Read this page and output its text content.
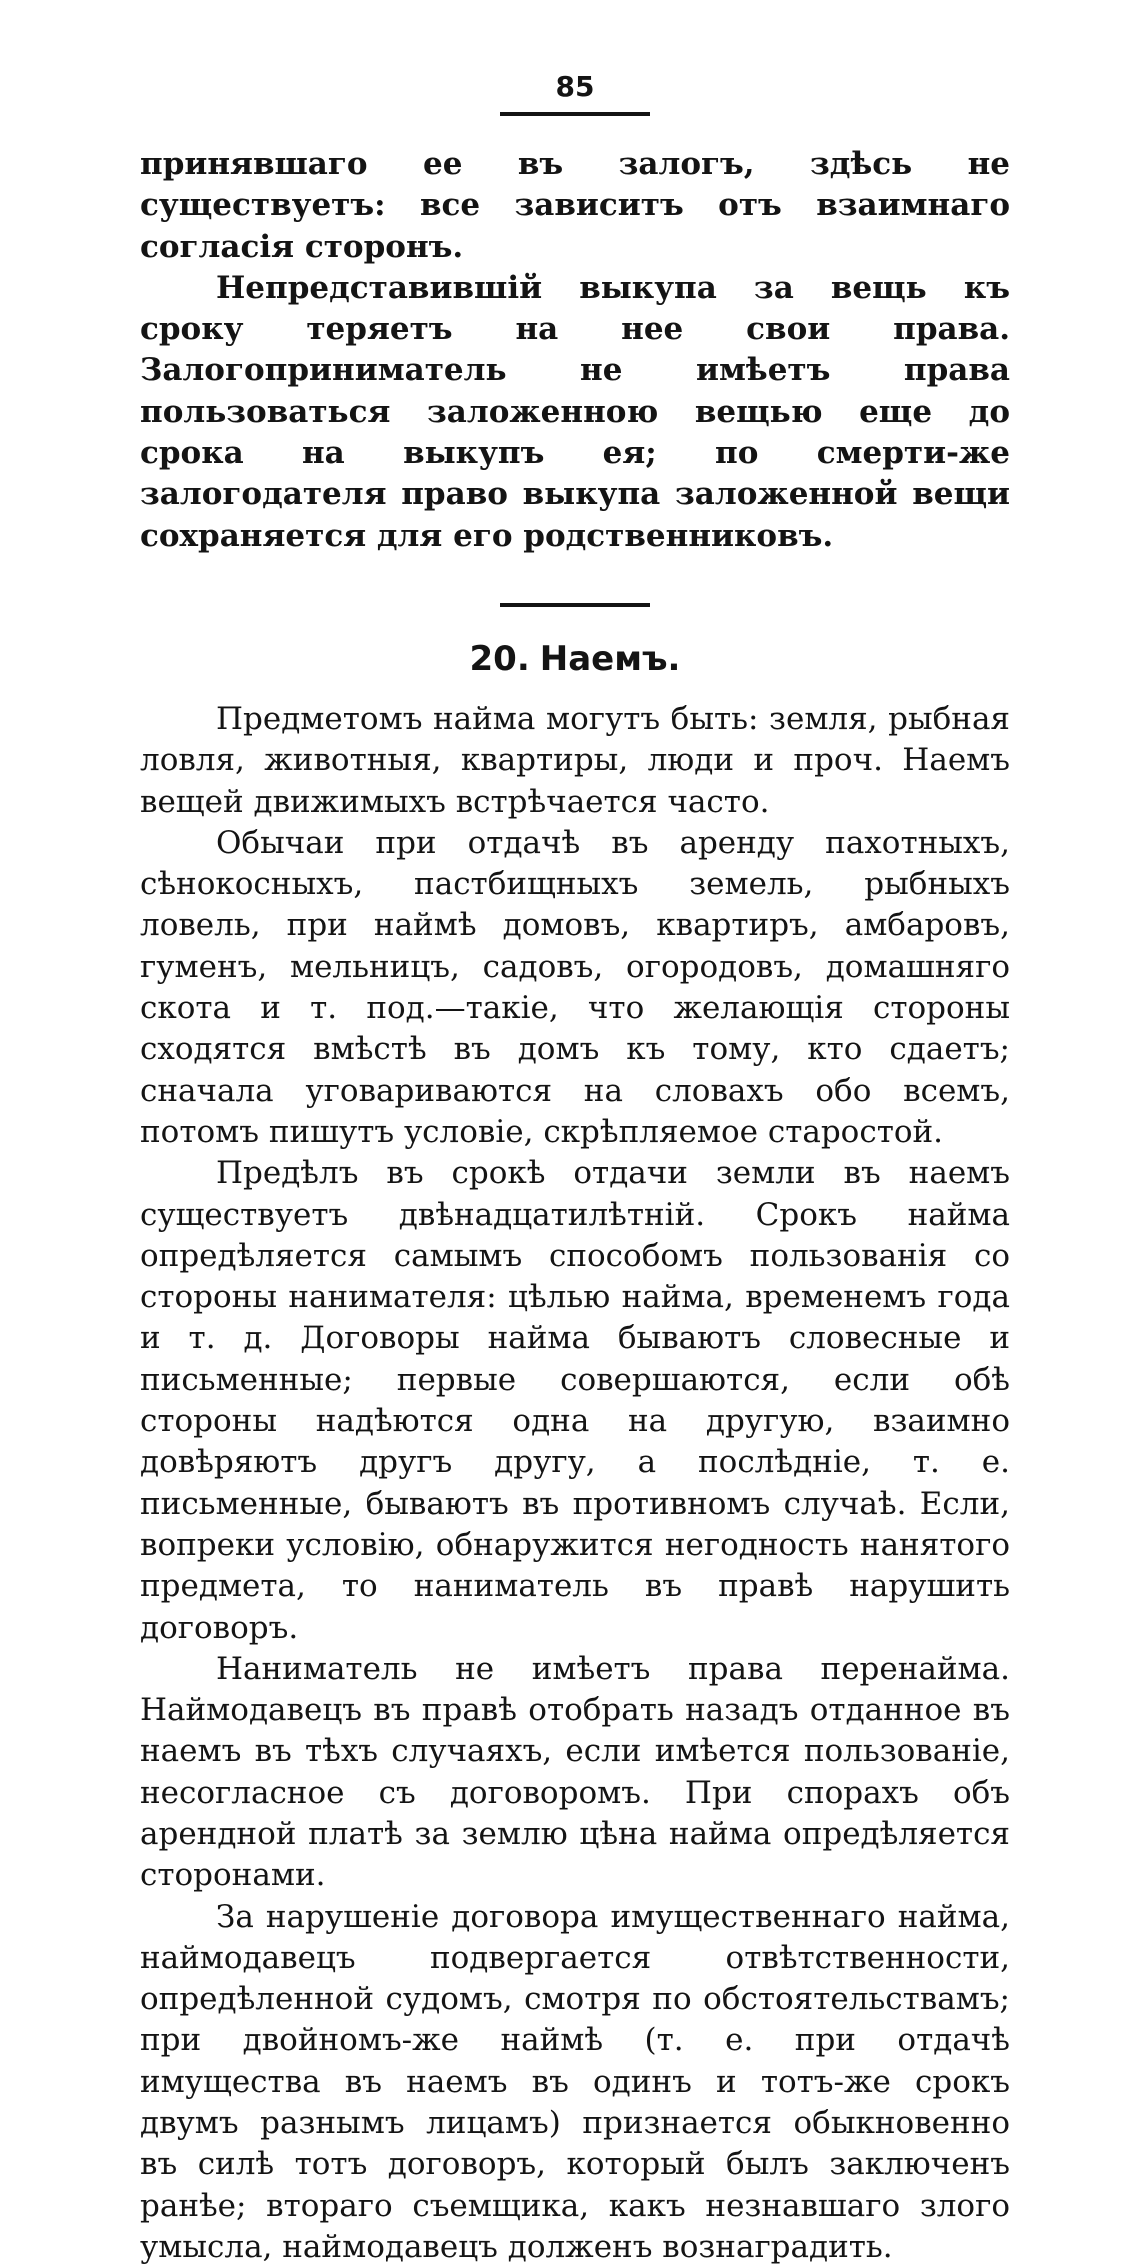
85

принявшаго ее въ залогъ, здѣсь не существуетъ: все зависитъ отъ взаимнаго согласія сторонъ.

Непредставившій выкупа за вещь къ сроку теряетъ на нее свои права. Залогоприниматель не имѣетъ права пользоваться заложенною вещью еще до срока на выкупъ ея; по смерти-же залогодателя право выкупа заложенной вещи сохраняется для его родственниковъ.

20. Наемъ.

Предметомъ найма могутъ быть: земля, рыбная ловля, животныя, квартиры, люди и проч. Наемъ вещей движимыхъ встрѣчается часто.

Обычаи при отдачѣ въ аренду пахотныхъ, сѣнокосныхъ, пастбищныхъ земель, рыбныхъ ловель, при наймѣ домовъ, квартиръ, амбаровъ, гуменъ, мельницъ, садовъ, огородовъ, домашняго скота и т. под.—такіе, что желающія стороны сходятся вмѣстѣ въ домъ къ тому, кто сдаетъ; сначала уговариваются на словахъ обо всемъ, потомъ пишутъ условіе, скрѣпляемое старостой.

Предѣлъ въ срокѣ отдачи земли въ наемъ существуетъ двѣнадцатилѣтній. Срокъ найма опредѣляется самымъ способомъ пользованія со стороны нанимателя: цѣлью найма, временемъ года и т. д. Договоры найма бываютъ словесные и письменные; первые совершаются, если обѣ стороны надѣются одна на другую, взаимно довѣряютъ другъ другу, а послѣдніе, т. е. письменные, бываютъ въ противномъ случаѣ. Если, вопреки условію, обнаружится негодность нанятого предмета, то наниматель въ правѣ нарушить договоръ.

Наниматель не имѣетъ права перенайма. Наймодавецъ въ правѣ отобрать назадъ отданное въ наемъ въ тѣхъ случаяхъ, если имѣется пользованіе, несогласное съ договоромъ. При спорахъ объ арендной платѣ за землю цѣна найма опредѣляется сторонами.

За нарушеніе договора имущественнаго найма, наймодавецъ подвергается отвѣтственности, опредѣленной судомъ, смотря по обстоятельствамъ; при двойномъ-же наймѣ (т. е. при отдачѣ имущества въ наемъ въ одинъ и тотъ-же срокъ двумъ разнымъ лицамъ) признается обыкновенно въ силѣ тотъ договоръ, который былъ заключенъ ранѣе; втораго съемщика, какъ незнавшаго злого умысла, наймодавецъ долженъ вознаградить.
